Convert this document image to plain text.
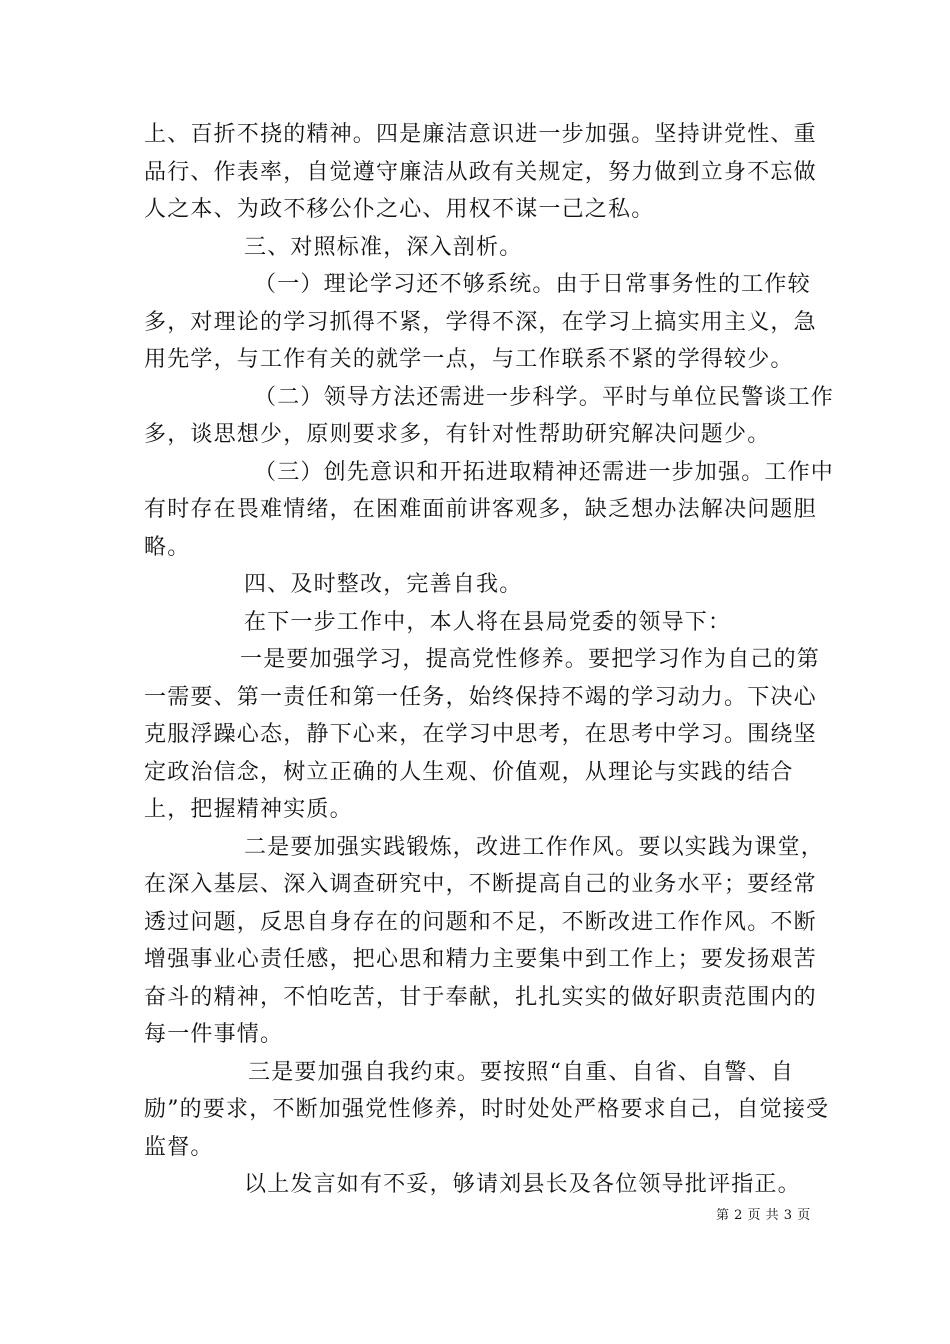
上、百折不挠的精神。四是廉洁意识进一步加强。坚持讲党性、重品行、作表率，自觉遵守廉洁从政有关规定，努力做到立身不忘做人之本、为政不移公仆之心、用权不谋一己之私。

三、对照标准，深入剖析。

（一）理论学习还不够系统。由于日常事务性的工作较多，对理论的学习抓得不紧，学得不深，在学习上搞实用主义，急用先学，与工作有关的就学一点，与工作联系不紧的学得较少。

（二）领导方法还需进一步科学。平时与单位民警谈工作多，谈思想少，原则要求多，有针对性帮助研究解决问题少。

（三）创先意识和开拓进取精神还需进一步加强。工作中有时存在畏难情绪，在困难面前讲客观多，缺乏想办法解决问题胆略。

四、及时整改，完善自我。

在下一步工作中，本人将在县局党委的领导下：

一是要加强学习，提高党性修养。要把学习作为自己的第一需要、第一责任和第一任务，始终保持不竭的学习动力。下决心克服浮躁心态，静下心来，在学习中思考，在思考中学习。围绕坚定政治信念，树立正确的人生观、价值观，从理论与实践的结合上，把握精神实质。

二是要加强实践锻炼，改进工作作风。要以实践为课堂，在深入基层、深入调查研究中，不断提高自己的业务水平；要经常透过问题，反思自身存在的问题和不足，不断改进工作作风。不断增强事业心责任感，把心思和精力主要集中到工作上；要发扬艰苦奋斗的精神，不怕吃苦，甘于奉献，扎扎实实的做好职责范围内的每一件事情。

三是要加强自我约束。要按照“自重、自省、自警、自励”的要求，不断加强党性修养，时时处处严格要求自己，自觉接受监督。

以上发言如有不妥，够请刘县长及各位领导批评指正。

第 2 页 共 3 页
